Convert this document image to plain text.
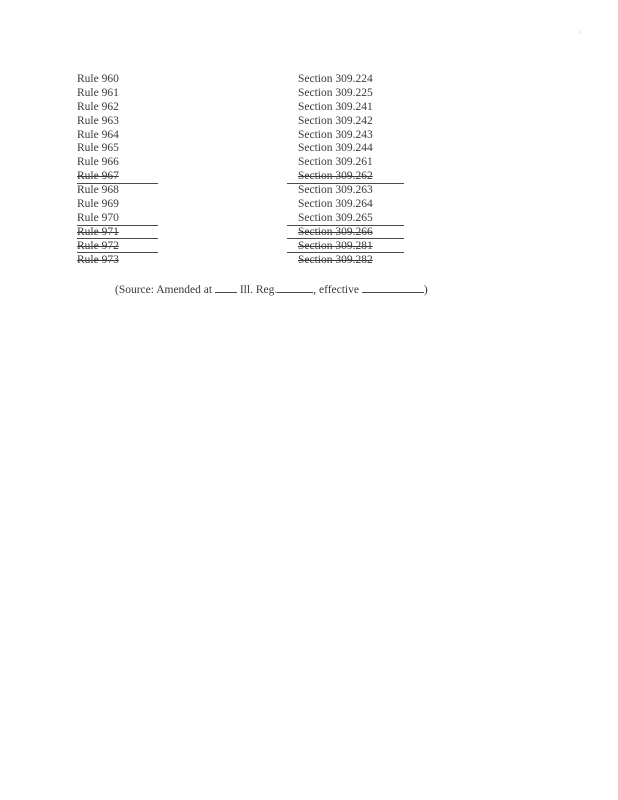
·
Rule 960	Section 309.224
Rule 961	Section 309.225
Rule 962	Section 309.241
Rule 963	Section 309.242
Rule 964	Section 309.243
Rule 965	Section 309.244
Rule 966	Section 309.261
Rule 967	Section 309.262
Rule 968	Section 309.263
Rule 969	Section 309.264
Rule 970	Section 309.265
Rule 971	Section 309.266
Rule 972	Section 309.281
Rule 973	Section 309.282
(Source: Amended at  Ill. Reg.	, effective	)
